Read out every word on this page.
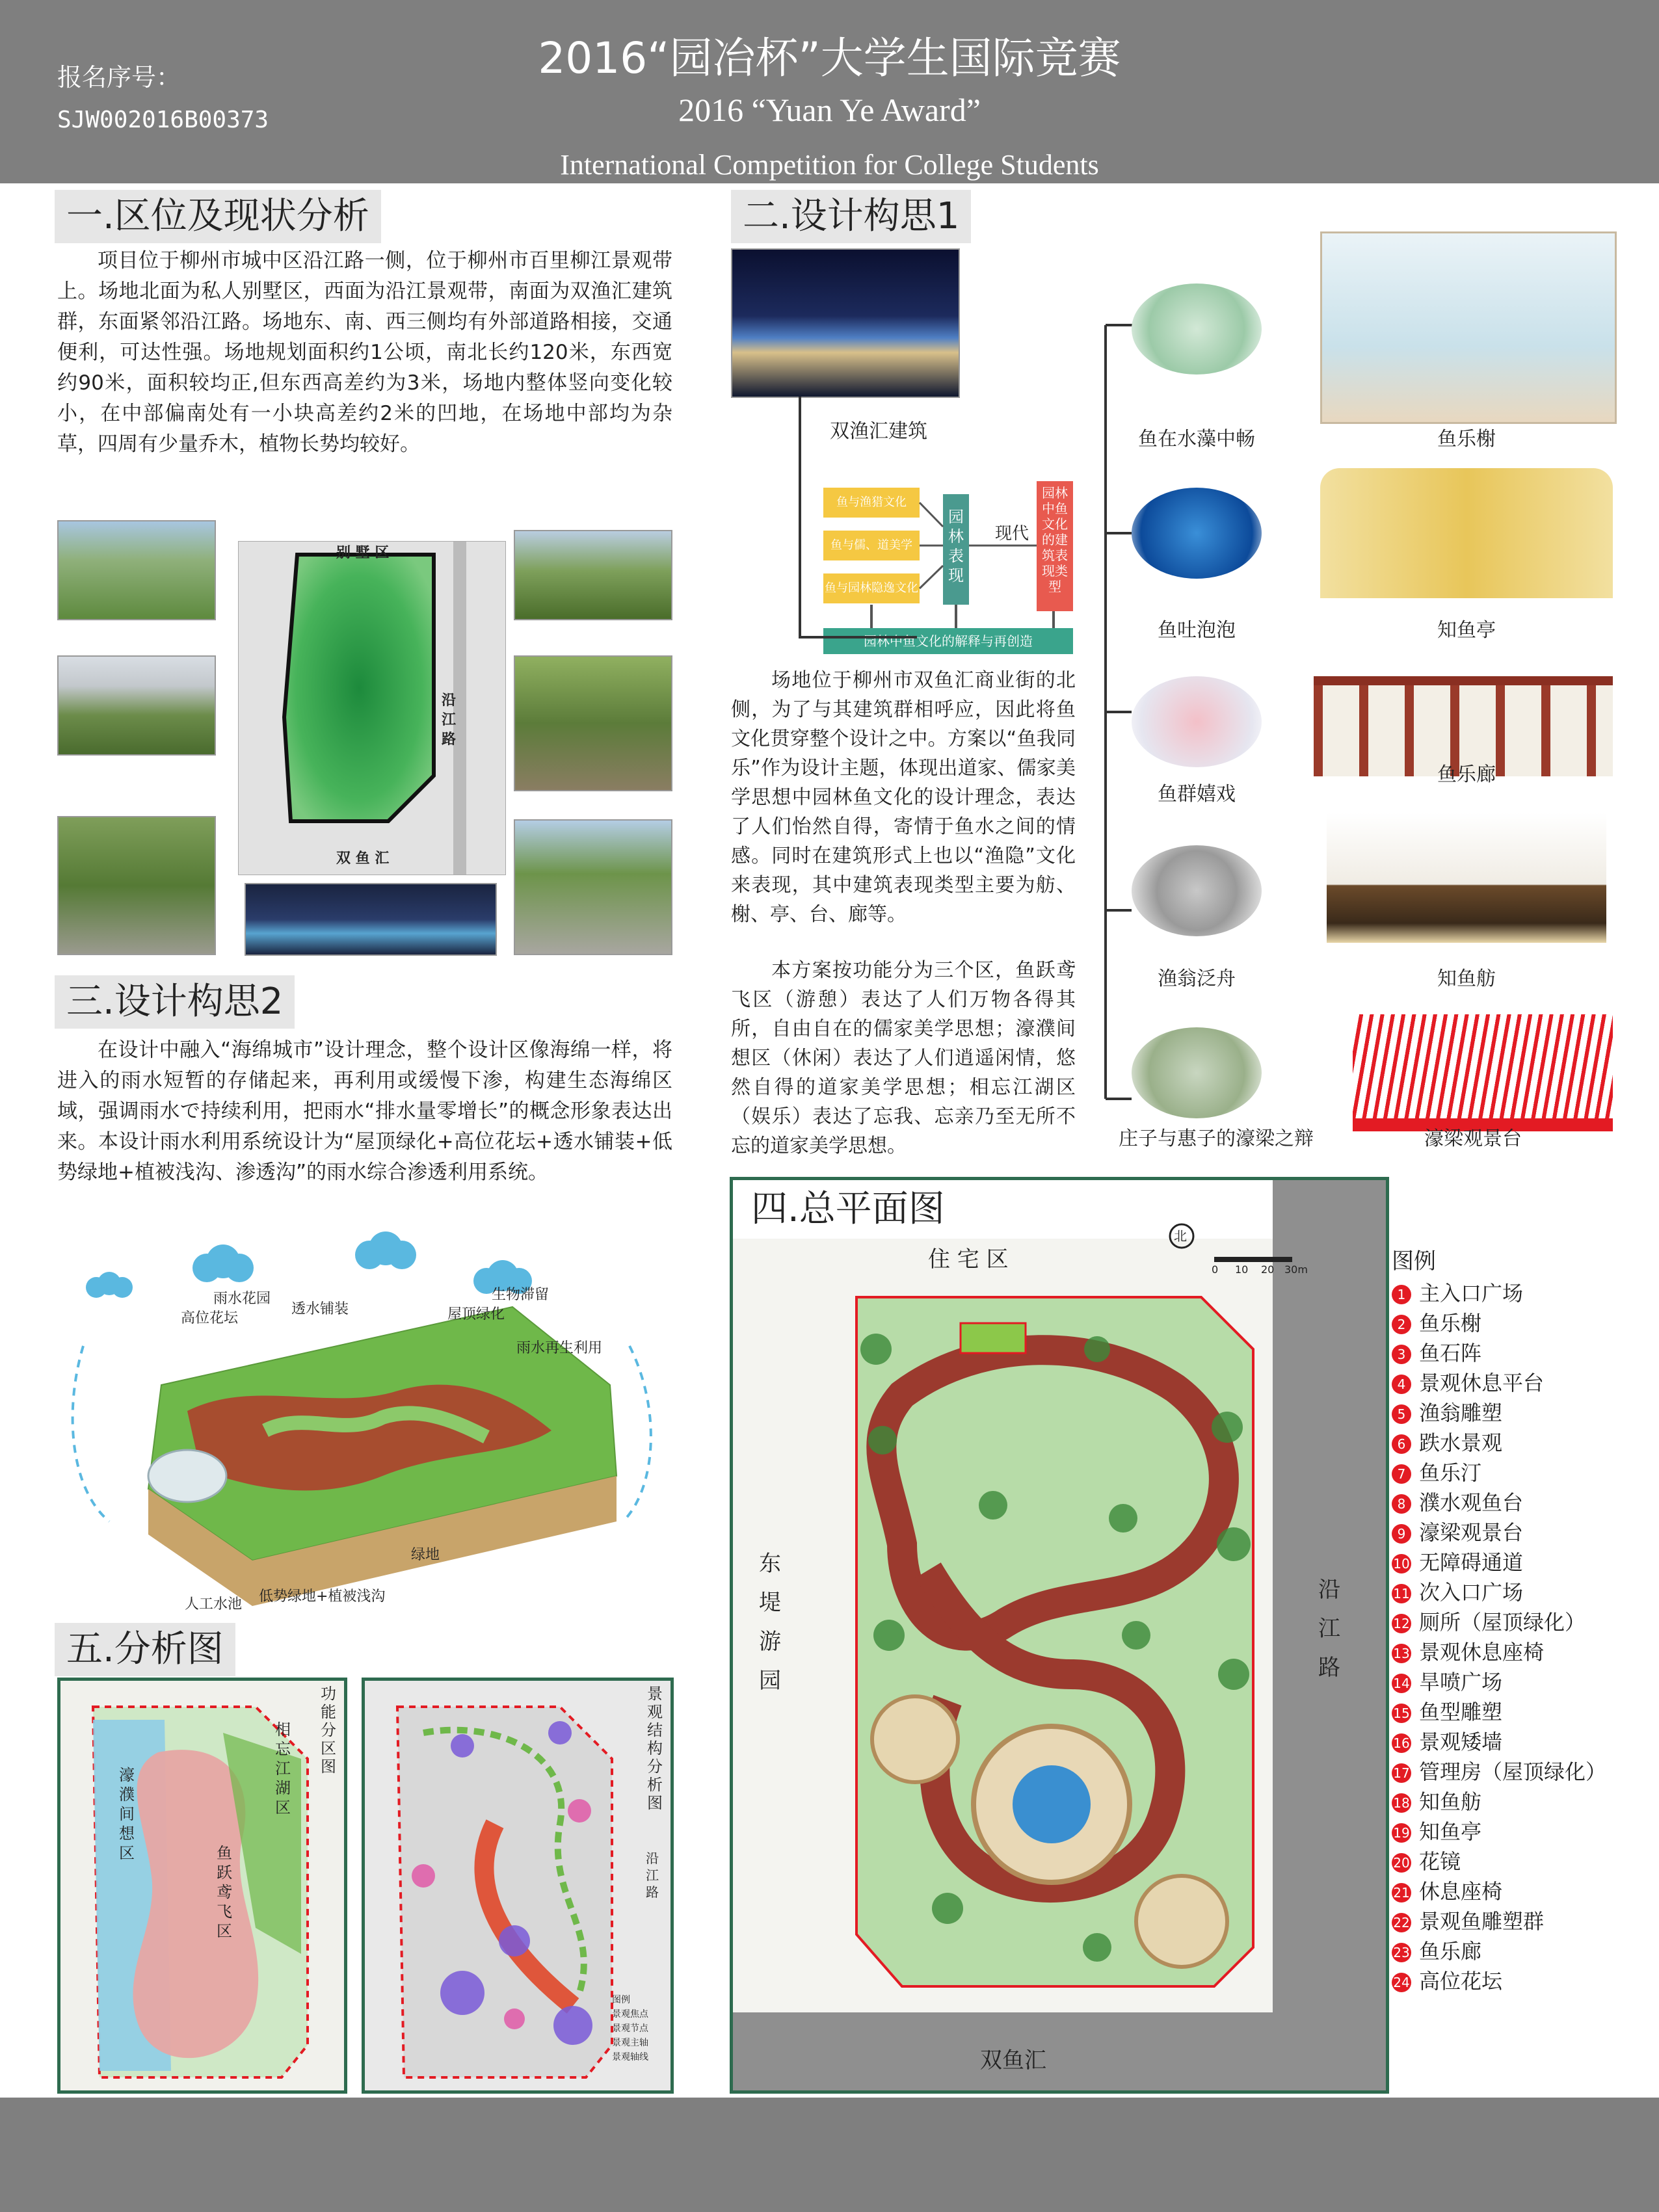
报名序号：
SJW002016B00373
2016“园冶杯”大学生国际竞赛
2016 “Yuan Ye Award”
International Competition for College Students
一.区位及现状分析
项目位于柳州市城中区沿江路一侧，位于柳州市百里柳江景观带上。场地北面为私人别墅区，西面为沿江景观带，南面为双渔汇建筑群，东面紧邻沿江路。场地东、南、西三侧均有外部道路相接，交通便利，可达性强。场地规划面积约1公顷，南北长约120米，东西宽约90米，面积较均正,但东西高差约为3米，场地内整体竖向变化较小，在中部偏南处有一小块高差约2米的凹地，在场地中部均为杂草，四周有少量乔木，植物长势均较好。
别 墅 区
沿江路
双 鱼 汇
二.设计构思1
双渔汇建筑
鱼与渔猎文化
鱼与儒、道美学
鱼与园林隐逸文化
园林表现
现代
园林中鱼文化的建筑表现类型
园林中鱼文化的解释与再创造
场地位于柳州市双鱼汇商业街的北侧，为了与其建筑群相呼应，因此将鱼文化贯穿整个设计之中。方案以“鱼我同乐”作为设计主题，体现出道家、儒家美学思想中园林鱼文化的设计理念，表达了人们怡然自得，寄情于鱼水之间的情感。同时在建筑形式上也以“渔隐”文化来表现，其中建筑表现类型主要为舫、榭、亭、台、廊等。
本方案按功能分为三个区，鱼跃鸢飞区（游憩）表达了人们万物各得其所，自由自在的儒家美学思想；濠濮间想区（休闲）表达了人们逍遥闲情，悠然自得的道家美学思想；相忘江湖区（娱乐）表达了忘我、忘亲乃至无所不忘的道家美学思想。
鱼在水藻中畅	鱼乐榭
鱼吐泡泡	知鱼亭
鱼群嬉戏
鱼乐廊
渔翁泛舟	知鱼舫
庄子与惠子的濠梁之辩	濠梁观景台
三.设计构思2
在设计中融入“海绵城市”设计理念，整个设计区像海绵一样，将进入的雨水短暂的存储起来，再利用或缓慢下渗，构建生态海绵区域，强调雨水で持续利用，把雨水“排水量零增长”的概念形象表达出来。本设计雨水利用系统设计为“屋顶绿化+高位花坛+透水铺装+低势绿地+植被浅沟、渗透沟”的雨水综合渗透利用系统。
雨水花园
高位花坛
透水铺装	屋顶绿化
生物滞留
雨水再生利用
绿地
人工水池 低势绿地+植被浅沟
五.分析图
功能分区图
濠濮间想区	鱼跃鸢飞区
相忘江湖区
景观结构分析图
沿江路
图例
景观焦点
景观节点
景观主轴
景观轴线
四.总平面图
住 宅 区
东堤游园
沿江路
双鱼汇
北
0 10 20 30m	图例
1 主入口广场
2 鱼乐榭
3 鱼石阵
4 景观休息平台
5 渔翁雕塑
6 跌水景观
7 鱼乐汀
8 濮水观鱼台
9 濠梁观景台
10 无障碍通道
11 次入口广场
12 厕所（屋顶绿化）
13 景观休息座椅
14 旱喷广场
15 鱼型雕塑
16 景观矮墙
17 管理房（屋顶绿化）
18 知鱼舫
19 知鱼亭
20 花镜
21 休息座椅
22 景观鱼雕塑群
23 鱼乐廊
24 高位花坛
